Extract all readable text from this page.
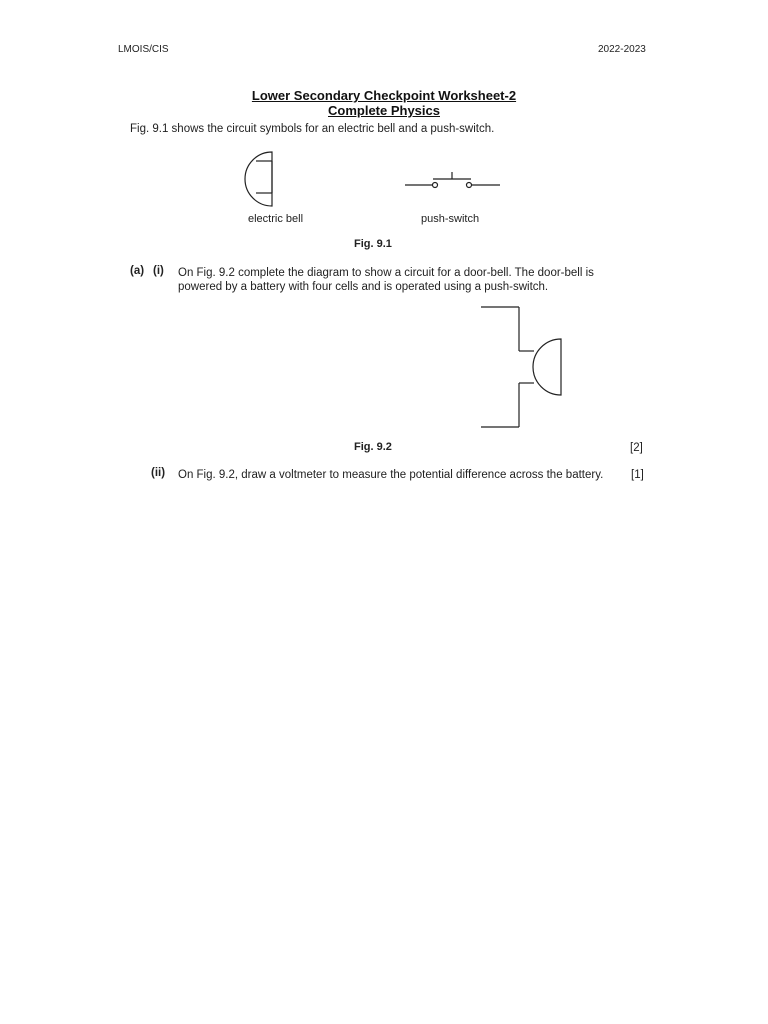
LMOIS/CIS	2022-2023
Lower Secondary Checkpoint Worksheet-2
Complete Physics
Fig. 9.1 shows the circuit symbols for an electric bell and a push-switch.
electric bell	push-switch
Fig. 9.1
(a) (i) On Fig. 9.2 complete the diagram to show a circuit for a door-bell. The door-bell is
powered by a battery with four cells and is operated using a push-switch.
Fig. 9.2	[2]
(ii) On Fig. 9.2, draw a voltmeter to measure the potential difference across the battery. [1]
